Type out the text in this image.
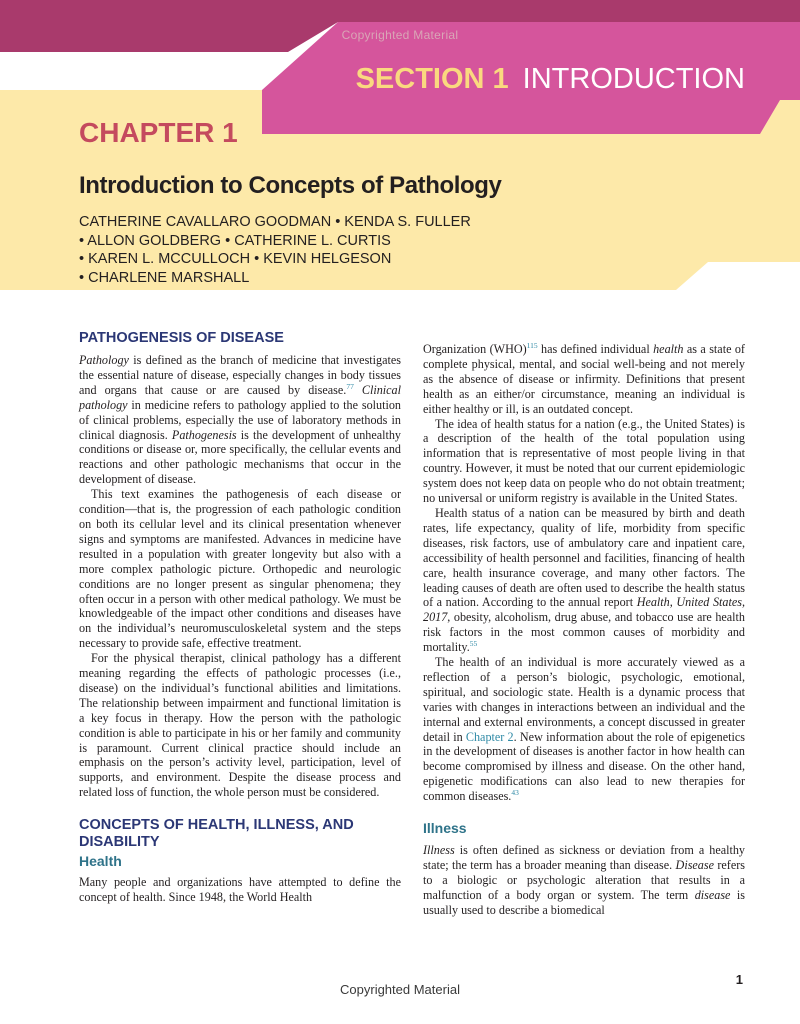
Copyrighted Material
SECTION 1 INTRODUCTION
CHAPTER 1
Introduction to Concepts of Pathology
CATHERINE CAVALLARO GOODMAN • KENDA S. FULLER
• ALLON GOLDBERG • CATHERINE L. CURTIS
• KAREN L. MCCULLOCH • KEVIN HELGESON
• CHARLENE MARSHALL
PATHOGENESIS OF DISEASE

Pathology is defined as the branch of medicine that investigates the essential nature of disease, especially changes in body tissues and organs that cause or are caused by disease.$^{77}$ Clinical pathology in medicine refers to pathology applied to the solution of clinical problems, especially the use of laboratory methods in clinical diagnosis. Pathogenesis is the development of unhealthy conditions or disease or, more specifically, the cellular events and reactions and other pathologic mechanisms that occur in the development of disease.

This text examines the pathogenesis of each disease or condition—that is, the progression of each pathologic condition on both its cellular level and its clinical presentation whenever signs and symptoms are manifested. Advances in medicine have resulted in a population with greater longevity but also with a more complex pathologic picture. Orthopedic and neurologic conditions are no longer present as singular phenomena; they often occur in a person with other medical pathology. We must be knowledgeable of the impact other conditions and diseases have on the individual’s neuromusculoskeletal system and the steps necessary to provide safe, effective treatment.

For the physical therapist, clinical pathology has a different meaning regarding the effects of pathologic processes (i.e., disease) on the individual’s functional abilities and limitations. The relationship between impairment and functional limitation is a key focus in therapy. How the person with the pathologic condition is able to participate in his or her family and community is paramount. Current clinical practice should include an emphasis on the person’s activity level, participation, level of supports, and environment. Despite the disease process and related loss of function, the whole person must be considered.

CONCEPTS OF HEALTH, ILLNESS, AND DISABILITY
Health

Many people and organizations have attempted to define the concept of health. Since 1948, the World Health

Organization (WHO)$^{115}$ has defined individual health as a state of complete physical, mental, and social well-being and not merely as the absence of disease or infirmity. Definitions that present health as an either/or circumstance, meaning an individual is either healthy or ill, is an outdated concept.

The idea of health status for a nation (e.g., the United States) is a description of the health of the total population using information that is representative of most people living in that country. However, it must be noted that our current epidemiologic system does not keep data on people who do not obtain treatment; no universal or uniform registry is available in the United States.

Health status of a nation can be measured by birth and death rates, life expectancy, quality of life, morbidity from specific diseases, risk factors, use of ambulatory care and inpatient care, accessibility of health personnel and facilities, financing of health care, health insurance coverage, and many other factors. The leading causes of death are often used to describe the health status of a nation. According to the annual report Health, United States, 2017, obesity, alcoholism, drug abuse, and tobacco use are health risk factors in the most common causes of morbidity and mortality.$^{55}$

The health of an individual is more accurately viewed as a reflection of a person’s biologic, psychologic, emotional, spiritual, and sociologic state. Health is a dynamic process that varies with changes in interactions between an individual and the internal and external environments, a concept discussed in greater detail in Chapter 2. New information about the role of epigenetics in the development of diseases is another factor in how health can become compromised by illness and disease. On the other hand, epigenetic modifications can also lead to new therapies for common diseases.$^{43}$

Illness

Illness is often defined as sickness or deviation from a healthy state; the term has a broader meaning than disease. Disease refers to a biologic or psychologic alteration that results in a malfunction of a body organ or system. The term disease is usually used to describe a biomedical

1
Copyrighted Material
